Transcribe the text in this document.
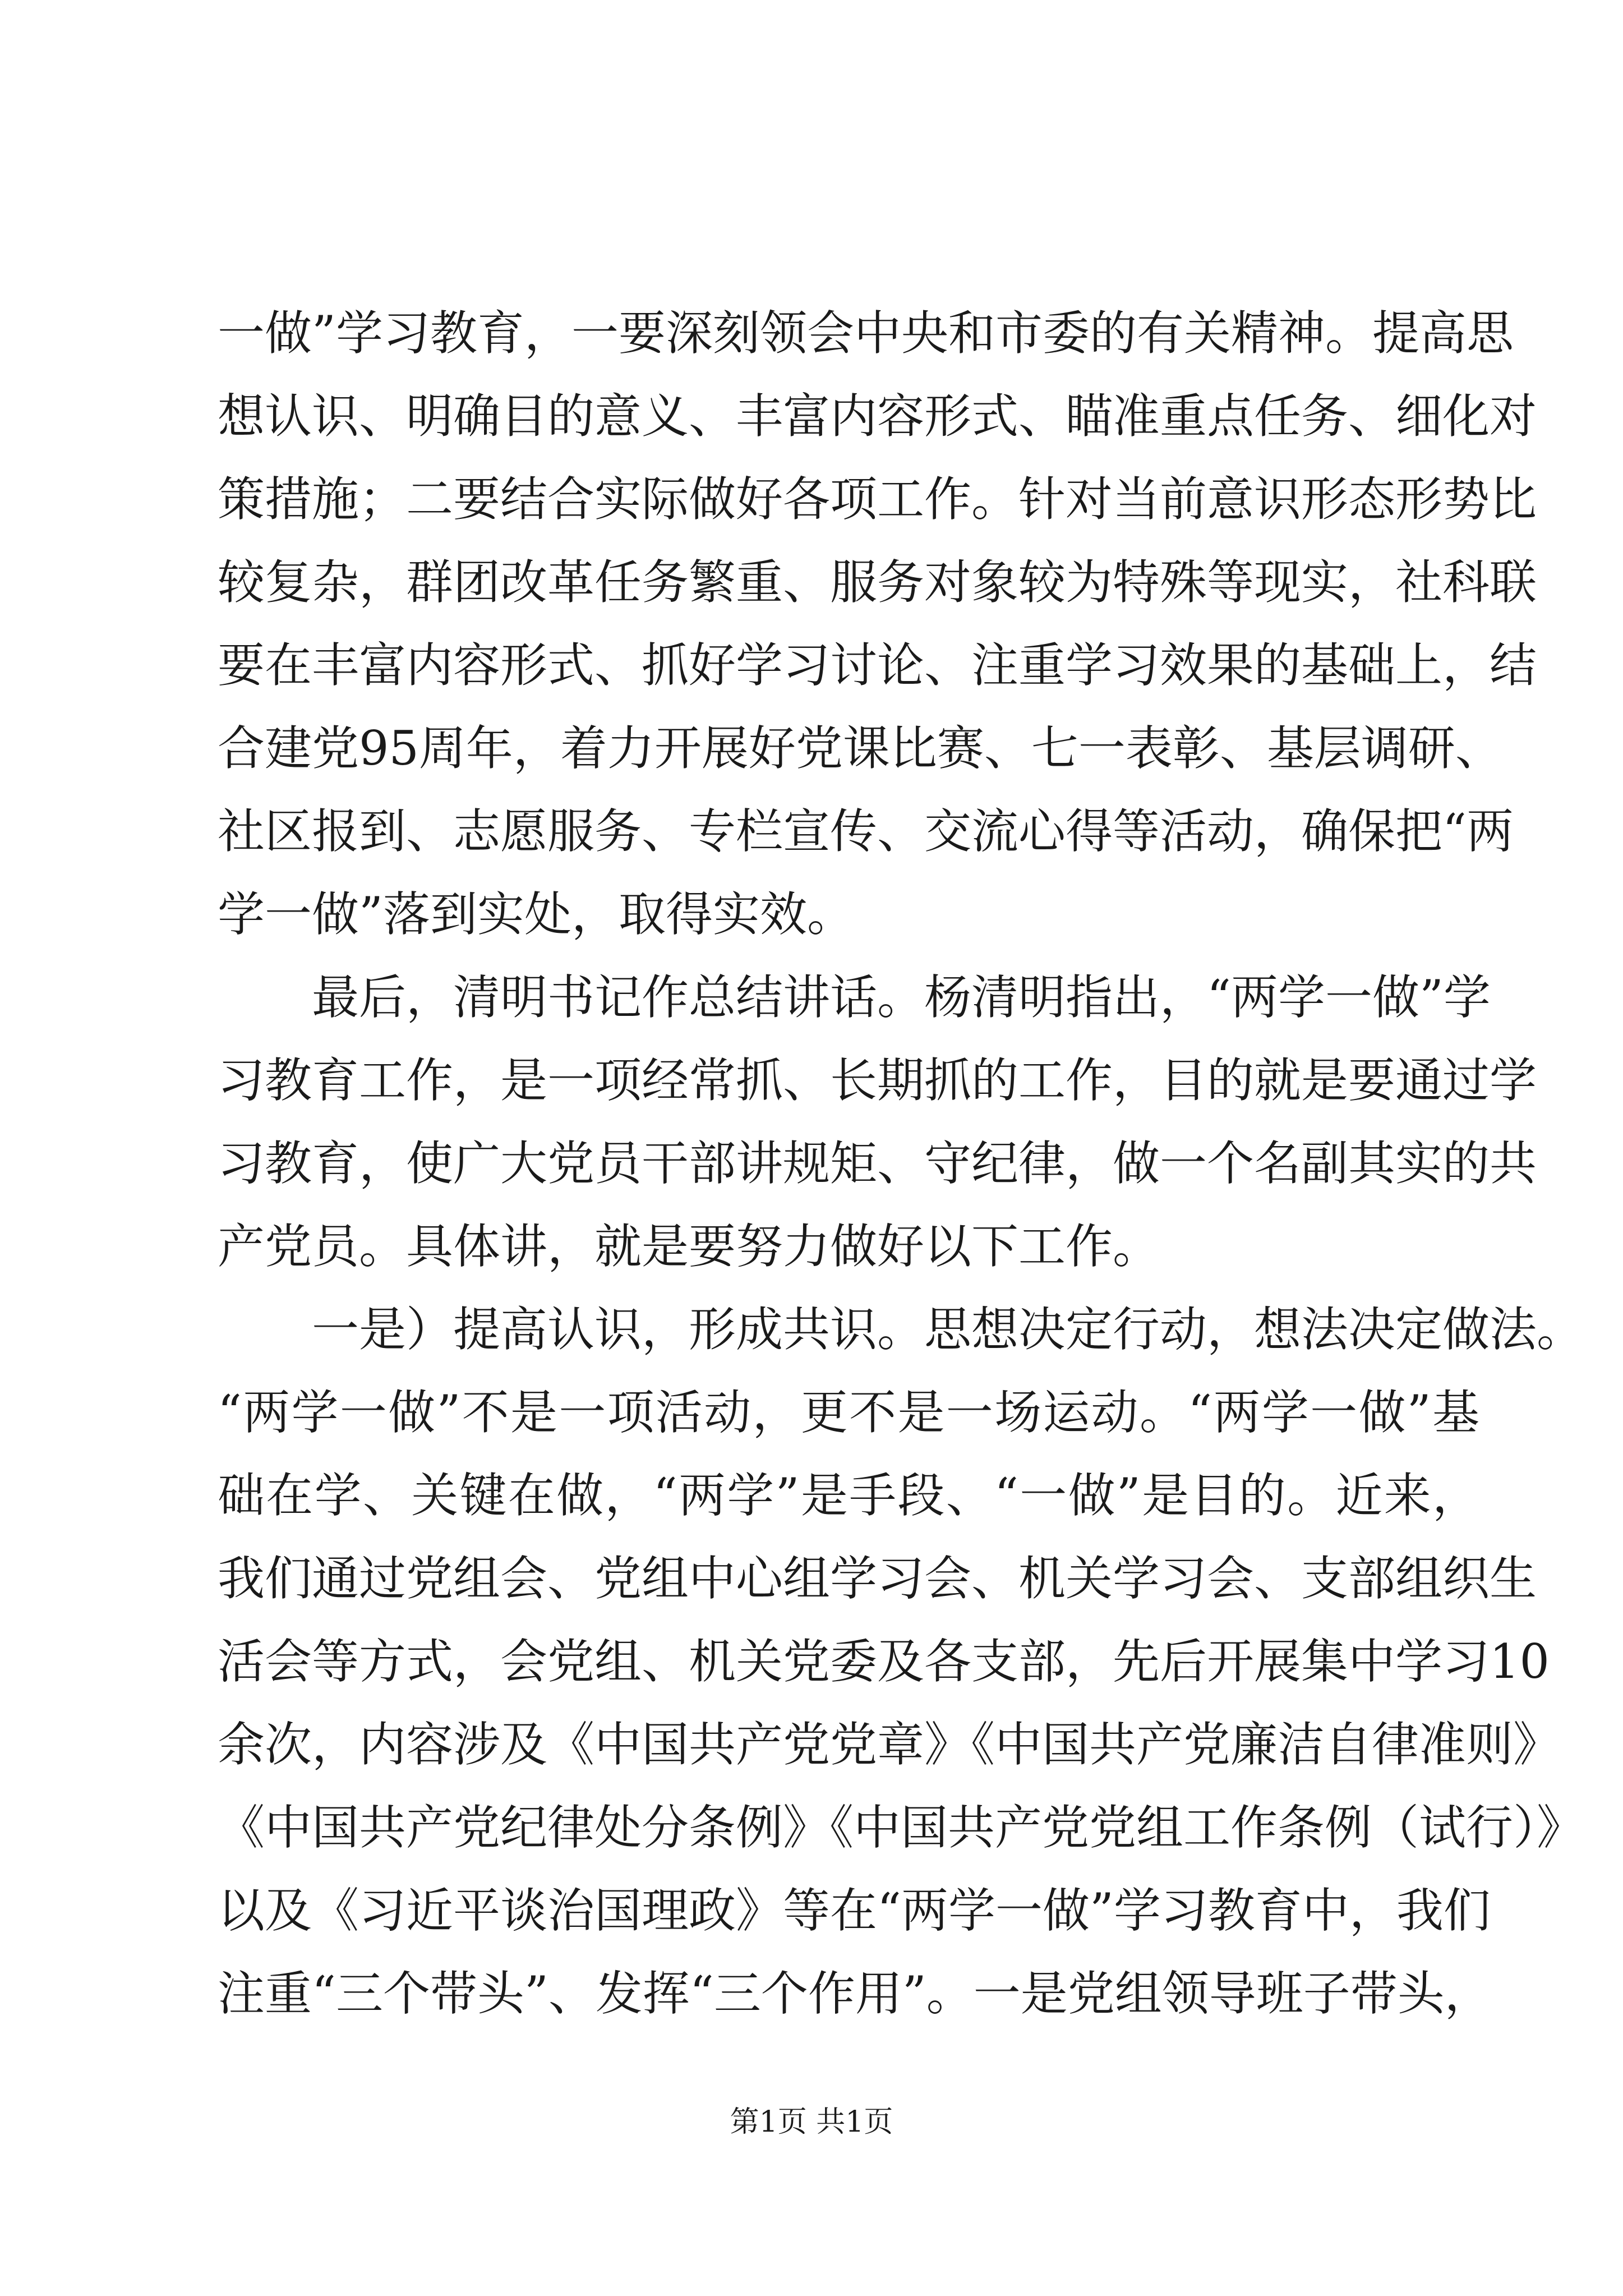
一做”学习教育，一要深刻领会中央和市委的有关精神。提高思
想认识、明确目的意义、丰富内容形式、瞄准重点任务、细化对
策措施；二要结合实际做好各项工作。针对当前意识形态形势比
较复杂，群团改革任务繁重、服务对象较为特殊等现实，社科联
要在丰富内容形式、抓好学习讨论、注重学习效果的基础上，结
合建党95周年，着力开展好党课比赛、七一表彰、基层调研、
社区报到、志愿服务、专栏宣传、交流心得等活动，确保把“两
学一做”落到实处，取得实效。
最后，清明书记作总结讲话。杨清明指出，“两学一做”学
习教育工作，是一项经常抓、长期抓的工作，目的就是要通过学
习教育，使广大党员干部讲规矩、守纪律，做一个名副其实的共
产党员。具体讲，就是要努力做好以下工作。
一是）提高认识，形成共识。思想决定行动，想法决定做法。
“两学一做”不是一项活动，更不是一场运动。“两学一做”基
础在学、关键在做，“两学”是手段、“一做”是目的。近来，
我们通过党组会、党组中心组学习会、机关学习会、支部组织生
活会等方式，会党组、机关党委及各支部，先后开展集中学习10
余次，内容涉及《中国共产党党章》《中国共产党廉洁自律准则》
《中国共产党纪律处分条例》《中国共产党党组工作条例（试行）》
以及《习近平谈治国理政》等在“两学一做”学习教育中，我们
注重“三个带头”、发挥“三个作用”。一是党组领导班子带头，
第1页 共1页
